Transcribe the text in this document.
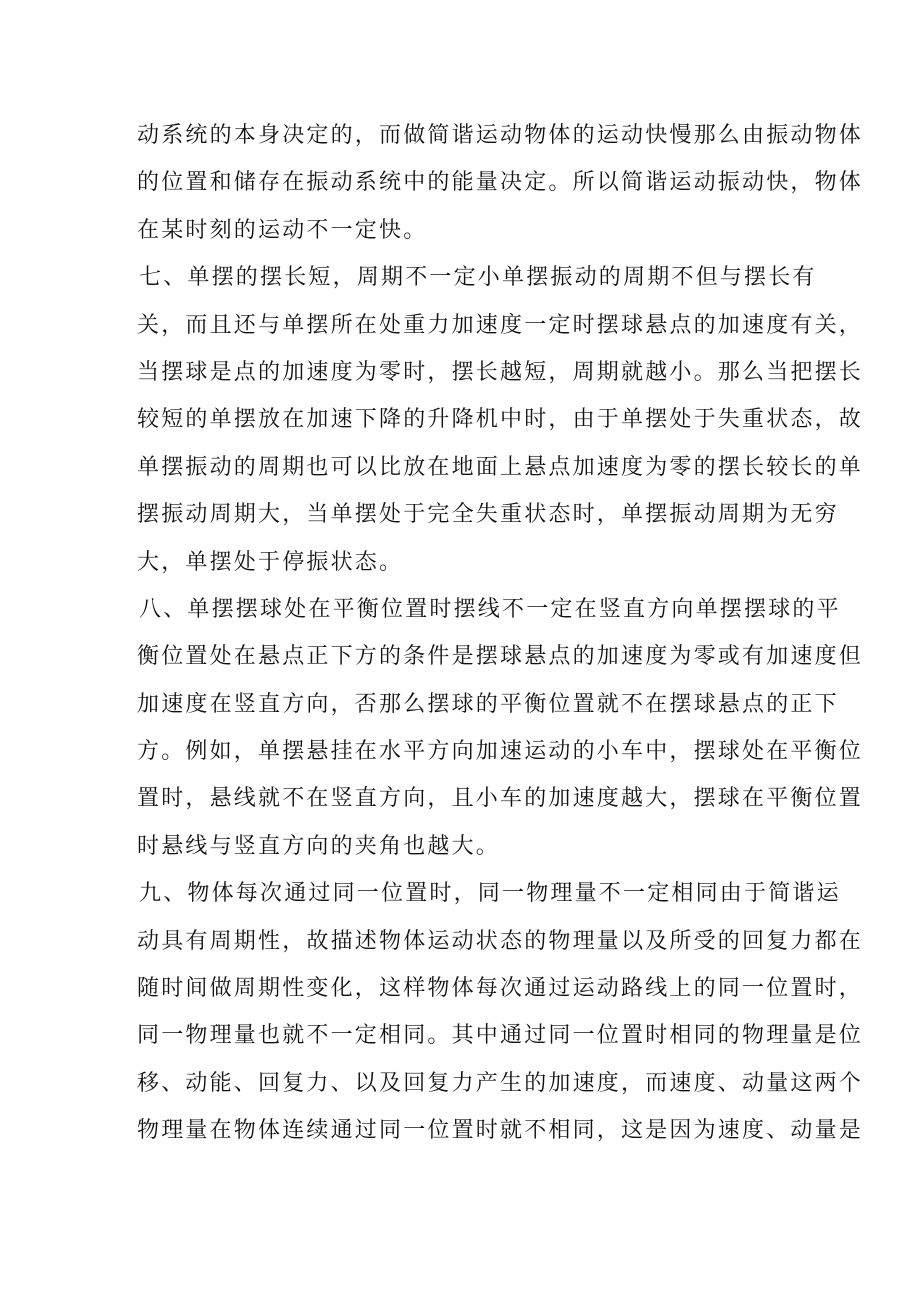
动系统的本身决定的，而做简谐运动物体的运动快慢那么由振动物体
的位置和储存在振动系统中的能量决定。所以简谐运动振动快，物体
在某时刻的运动不一定快。
七、单摆的摆长短，周期不一定小单摆振动的周期不但与摆长有
关，而且还与单摆所在处重力加速度一定时摆球悬点的加速度有关，
当摆球是点的加速度为零时，摆长越短，周期就越小。那么当把摆长
较短的单摆放在加速下降的升降机中时，由于单摆处于失重状态，故
单摆振动的周期也可以比放在地面上悬点加速度为零的摆长较长的单
摆振动周期大，当单摆处于完全失重状态时，单摆振动周期为无穷
大，单摆处于停振状态。
八、单摆摆球处在平衡位置时摆线不一定在竖直方向单摆摆球的平
衡位置处在悬点正下方的条件是摆球悬点的加速度为零或有加速度但
加速度在竖直方向，否那么摆球的平衡位置就不在摆球悬点的正下
方。例如，单摆悬挂在水平方向加速运动的小车中，摆球处在平衡位
置时，悬线就不在竖直方向，且小车的加速度越大，摆球在平衡位置
时悬线与竖直方向的夹角也越大。
九、物体每次通过同一位置时，同一物理量不一定相同由于简谐运
动具有周期性，故描述物体运动状态的物理量以及所受的回复力都在
随时间做周期性变化，这样物体每次通过运动路线上的同一位置时，
同一物理量也就不一定相同。其中通过同一位置时相同的物理量是位
移、动能、回复力、以及回复力产生的加速度，而速度、动量这两个
物理量在物体连续通过同一位置时就不相同，这是因为速度、动量是
